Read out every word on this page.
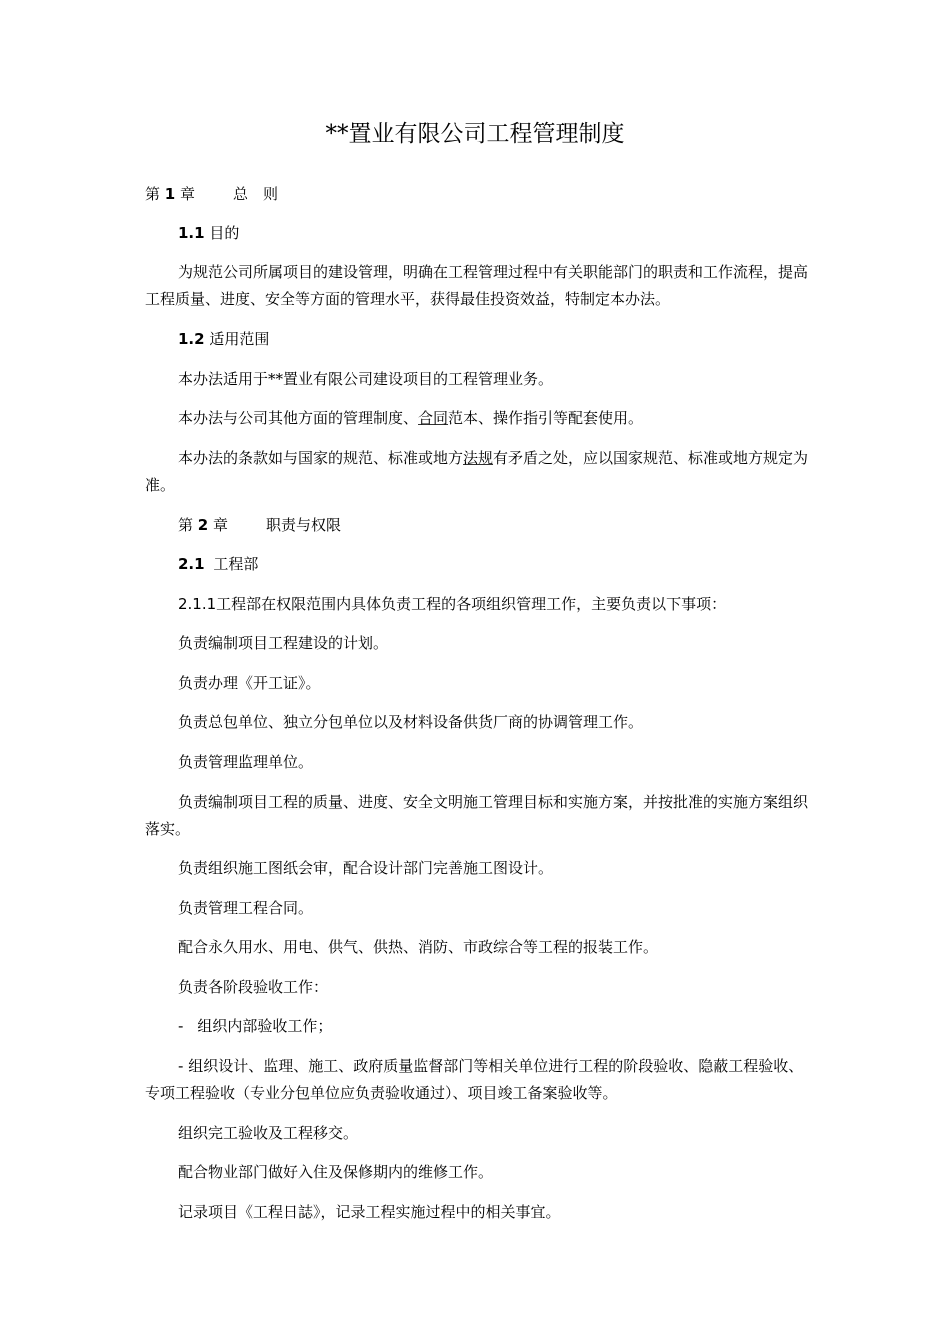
**置业有限公司工程管理制度
第 1 章	总　则
1.1 目的
为规范公司所属项目的建设管理，明确在工程管理过程中有关职能部门的职责和工作流程，提高工程质量、进度、安全等方面的管理水平，获得最佳投资效益，特制定本办法。
1.2 适用范围
本办法适用于**置业有限公司建设项目的工程管理业务。
本办法与公司其他方面的管理制度、合同范本、操作指引等配套使用。
本办法的条款如与国家的规范、标准或地方法规有矛盾之处，应以国家规范、标准或地方规定为准。
第 2 章	职责与权限
2.1 工程部
2.1.1工程部在权限范围内具体负责工程的各项组织管理工作，主要负责以下事项：
负责编制项目工程建设的计划。
负责办理《开工证》。
负责总包单位、独立分包单位以及材料设备供货厂商的协调管理工作。
负责管理监理单位。
负责编制项目工程的质量、进度、安全文明施工管理目标和实施方案，并按批准的实施方案组织落实。
负责组织施工图纸会审，配合设计部门完善施工图设计。
负责管理工程合同。
配合永久用水、用电、供气、供热、消防、市政综合等工程的报装工作。
负责各阶段验收工作：
- 组织内部验收工作；
- 组织设计、监理、施工、政府质量监督部门等相关单位进行工程的阶段验收、隐蔽工程验收、专项工程验收（专业分包单位应负责验收通过）、项目竣工备案验收等。
组织完工验收及工程移交。
配合物业部门做好入住及保修期内的维修工作。
记录项目《工程日誌》，记录工程实施过程中的相关事宜。
